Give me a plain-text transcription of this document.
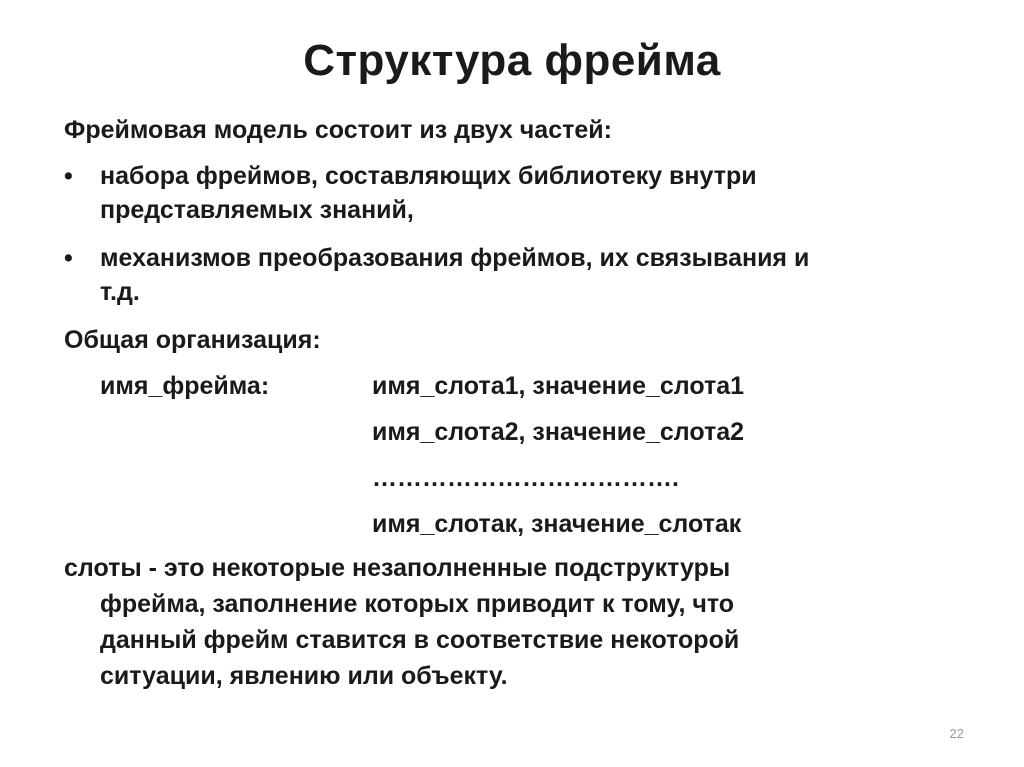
Структура фрейма
Фреймовая модель состоит из двух частей:
• набора фреймов, составляющих библиотеку внутри
представляемых знаний,
• механизмов преобразования фреймов, их связывания и
т.д.
Общая организация:
имя_фрейма:	имя_слота1, значение_слота1
имя_слота2, значение_слота2
……………………………….
имя_слотак, значение_слотак
слоты - это некоторые незаполненные подструктуры
фрейма, заполнение которых приводит к тому, что
данный фрейм ставится в соответствие некоторой
ситуации, явлению или объекту.
22
